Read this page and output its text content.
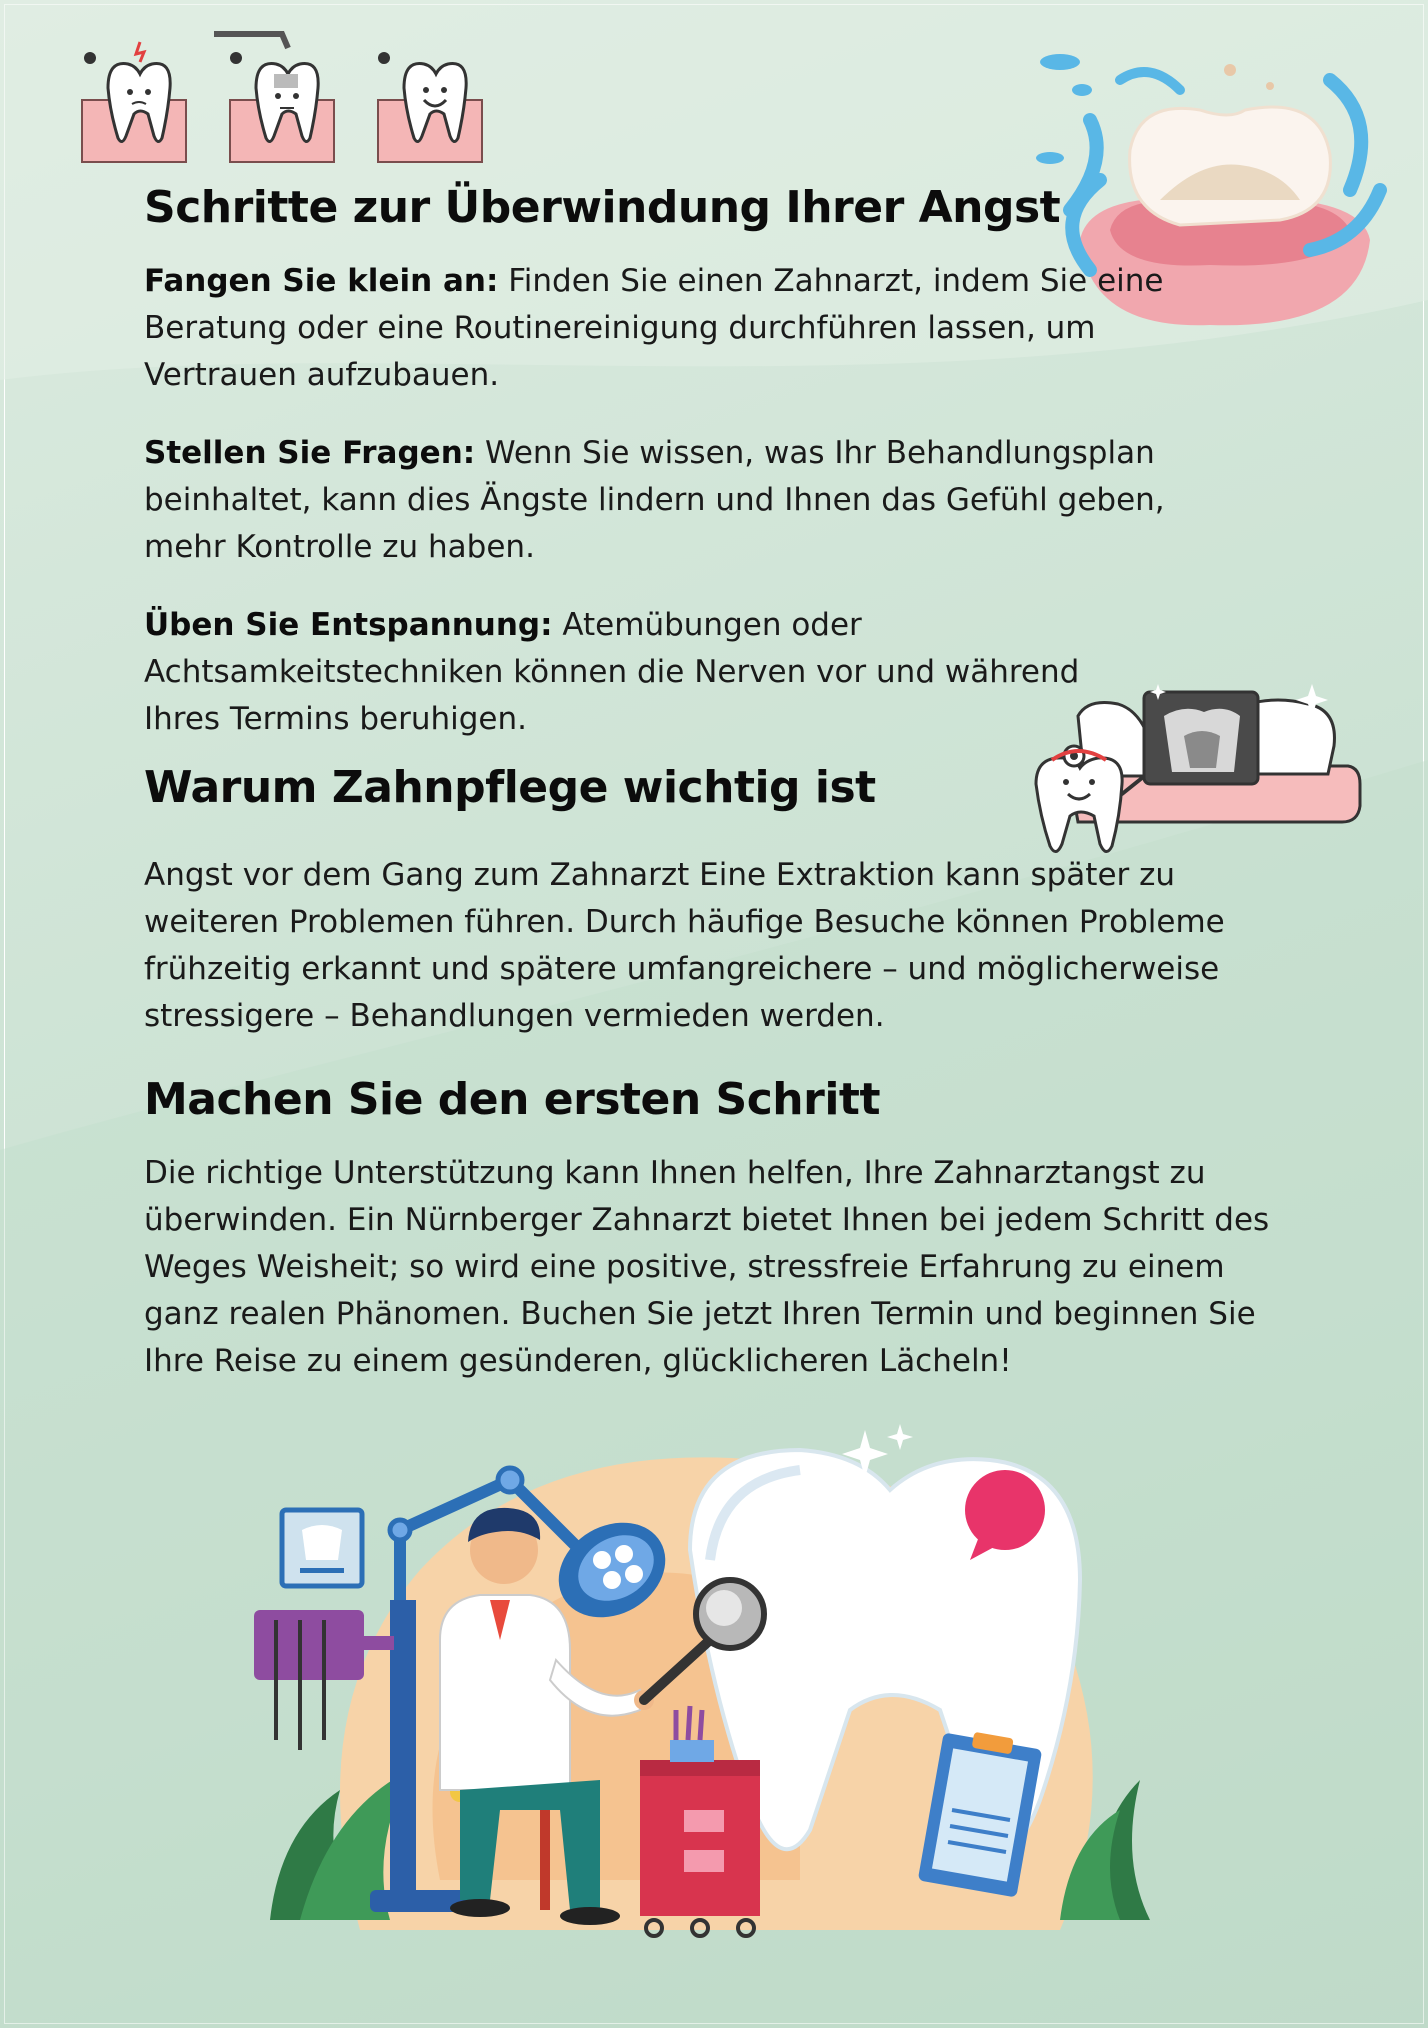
Schritte zur Überwindung Ihrer Angst

Fangen Sie klein an: Finden Sie einen Zahnarzt, indem Sie eine Beratung oder eine Routinereinigung durchführen lassen, um Vertrauen aufzubauen.

Stellen Sie Fragen: Wenn Sie wissen, was Ihr Behandlungsplan beinhaltet, kann dies Ängste lindern und Ihnen das Gefühl geben, mehr Kontrolle zu haben.

Üben Sie Entspannung: Atemübungen oder Achtsamkeitstechniken können die Nerven vor und während Ihres Termins beruhigen.

Warum Zahnpflege wichtig ist

Angst vor dem Gang zum Zahnarzt Eine Extraktion kann später zu weiteren Problemen führen. Durch häufige Besuche können Probleme frühzeitig erkannt und spätere umfangreichere – und möglicherweise stressigere – Behandlungen vermieden werden.

Machen Sie den ersten Schritt

Die richtige Unterstützung kann Ihnen helfen, Ihre Zahnarztangst zu überwinden. Ein Nürnberger Zahnarzt bietet Ihnen bei jedem Schritt des Weges Weisheit; so wird eine positive, stressfreie Erfahrung zu einem ganz realen Phänomen. Buchen Sie jetzt Ihren Termin und beginnen Sie Ihre Reise zu einem gesünderen, glücklicheren Lächeln!
